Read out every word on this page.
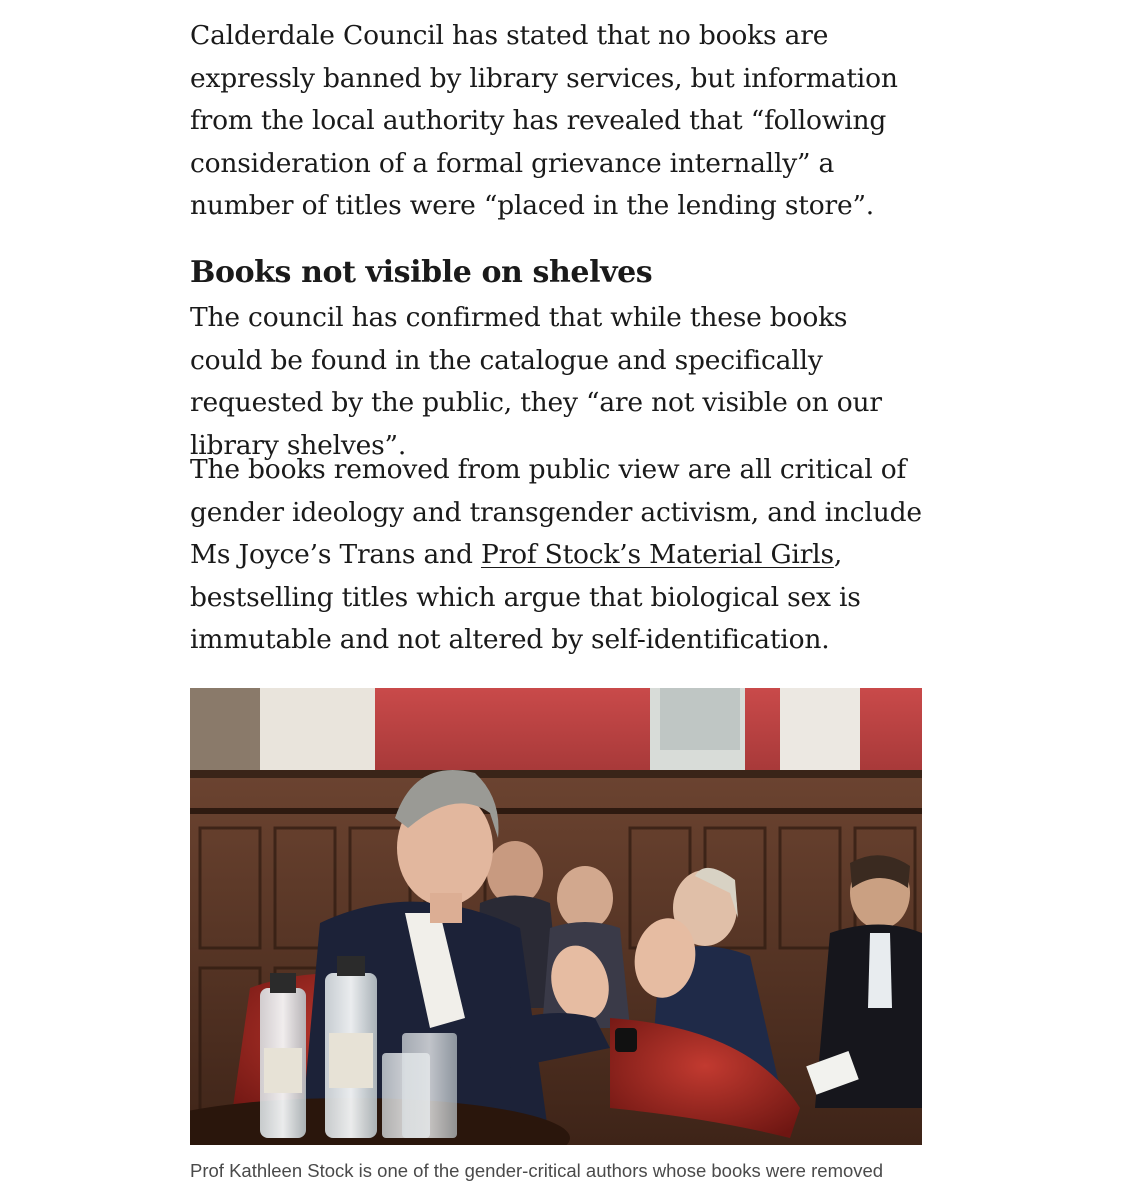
Calderdale Council has stated that no books are expressly banned by library services, but information from the local authority has revealed that “following consideration of a formal grievance internally” a number of titles were “placed in the lending store”.

Books not visible on shelves

The council has confirmed that while these books could be found in the catalogue and specifically requested by the public, they “are not visible on our library shelves”.

The books removed from public view are all critical of gender ideology and transgender activism, and include Ms Joyce’s Trans and Prof Stock’s Material Girls, bestselling titles which argue that biological sex is immutable and not altered by self-identification.

Prof Kathleen Stock is one of the gender-critical authors whose books were removed
